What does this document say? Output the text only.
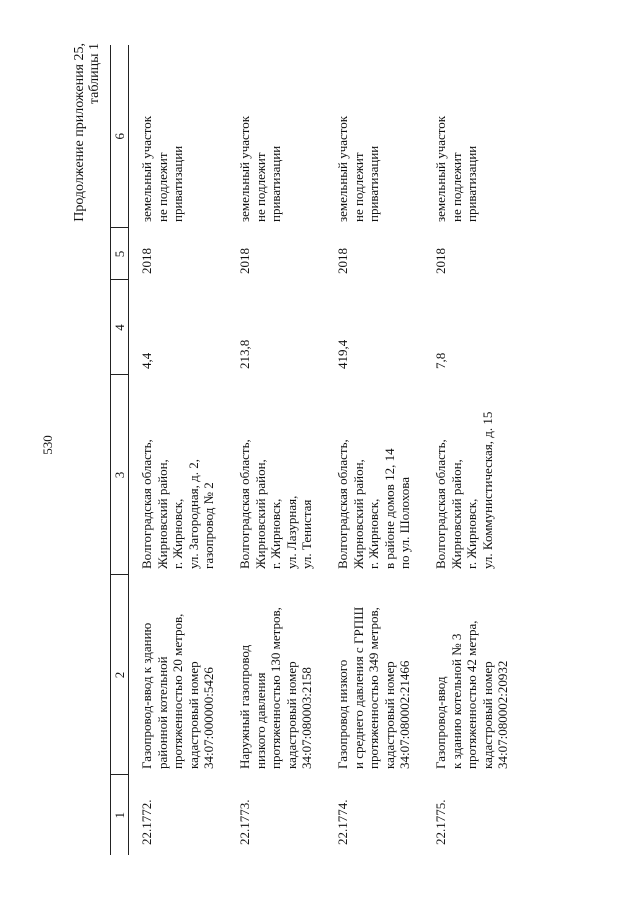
530
Продолжение приложения 25, таблицы 1
1	2	3	4	5	6

22.1772.	Газопровод-ввод к зданию районной котельной протяженностью 20 метров, кадастровый номер 34:07:000000:5426	Волгоградская область, Жирновский район, г. Жирновск, ул. Загородная, д. 2, газопровод № 2	4,4	2018	земельный участок не подлежит приватизации

22.1773.	Наружный газопровод низкого давления протяженностью 130 метров, кадастровый номер 34:07:080003:2158	Волгоградская область, Жирновский район, г. Жирновск, ул. Лазурная, ул. Тенистая	213,8	2018	земельный участок не подлежит приватизации

22.1774.	Газопровод низкого и среднего давления с ГРПШ протяженностью 349 метров, кадастровый номер 34:07:080002:21466	Волгоградская область, Жирновский район, г. Жирновск, в районе домов 12, 14 по ул. Шолохова	419,4	2018	земельный участок не подлежит приватизации

22.1775.	Газопровод-ввод к зданию котельной № 3 протяженностью 42 метра, кадастровый номер 34:07:080002:20932	Волгоградская область, Жирновский район, г. Жирновск, ул. Коммунистическая, д. 15	7,8	2018	земельный участок не подлежит приватизации
